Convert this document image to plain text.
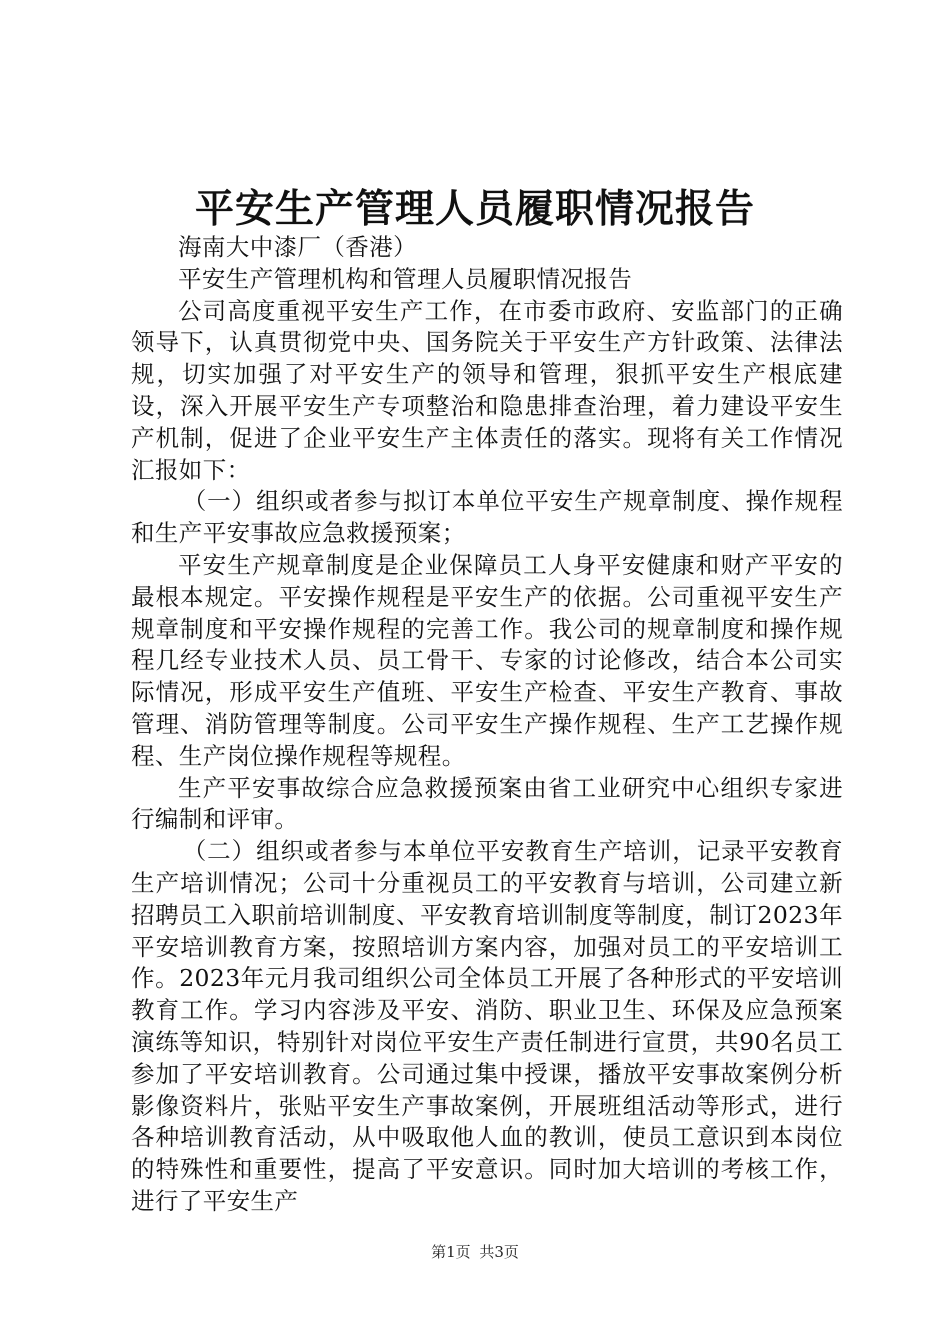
平安生产管理人员履职情况报告

海南大中漆厂（香港）

平安生产管理机构和管理人员履职情况报告

公司高度重视平安生产工作，在市委市政府、安监部门的正确领导下，认真贯彻党中央、国务院关于平安生产方针政策、法律法规，切实加强了对平安生产的领导和管理，狠抓平安生产根底建设，深入开展平安生产专项整治和隐患排查治理，着力建设平安生产机制，促进了企业平安生产主体责任的落实。现将有关工作情况汇报如下：

（一）组织或者参与拟订本单位平安生产规章制度、操作规程和生产平安事故应急救援预案；

平安生产规章制度是企业保障员工人身平安健康和财产平安的最根本规定。平安操作规程是平安生产的依据。公司重视平安生产规章制度和平安操作规程的完善工作。我公司的规章制度和操作规程几经专业技术人员、员工骨干、专家的讨论修改，结合本公司实际情况，形成平安生产值班、平安生产检查、平安生产教育、事故管理、消防管理等制度。公司平安生产操作规程、生产工艺操作规程、生产岗位操作规程等规程。

生产平安事故综合应急救援预案由省工业研究中心组织专家进行编制和评审。

（二）组织或者参与本单位平安教育生产培训，记录平安教育生产培训情况；公司十分重视员工的平安教育与培训，公司建立新招聘员工入职前培训制度、平安教育培训制度等制度，制订2023年平安培训教育方案，按照培训方案内容，加强对员工的平安培训工作。2023年元月我司组织公司全体员工开展了各种形式的平安培训教育工作。学习内容涉及平安、消防、职业卫生、环保及应急预案演练等知识，特别针对岗位平安生产责任制进行宣贯，共90名员工参加了平安培训教育。公司通过集中授课，播放平安事故案例分析影像资料片，张贴平安生产事故案例，开展班组活动等形式，进行各种培训教育活动，从中吸取他人血的教训，使员工意识到本岗位的特殊性和重要性，提高了平安意识。同时加大培训的考核工作，进行了平安生产

第1页 共3页
